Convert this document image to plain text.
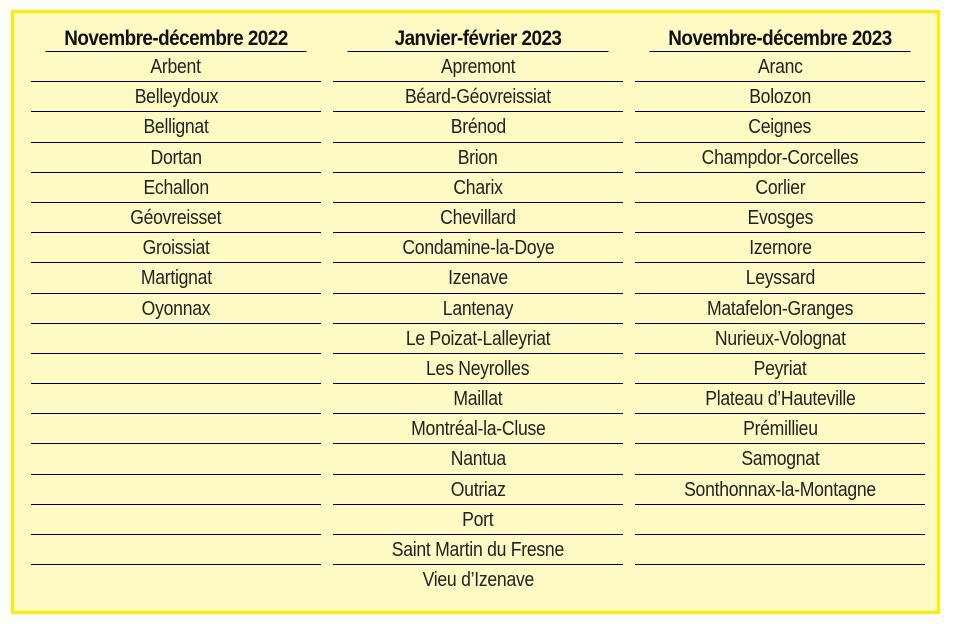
Novembre-décembre 2022
Arbent
Belleydoux
Bellignat
Dortan
Echallon
Géovreisset
Groissiat
Martignat
Oyonnax
Janvier-février 2023
Apremont
Béard-Géovreissiat
Brénod
Brion
Charix
Chevillard
Condamine-la-Doye
Izenave
Lantenay
Le Poizat-Lalleyriat
Les Neyrolles
Maillat
Montréal-la-Cluse
Nantua
Outriaz
Port
Saint Martin du Fresne
Vieu d’Izenave
Novembre-décembre 2023
Aranc
Bolozon
Ceignes
Champdor-Corcelles
Corlier
Evosges
Izernore
Leyssard
Matafelon-Granges
Nurieux-Volognat
Peyriat
Plateau d’Hauteville
Prémillieu
Samognat
Sonthonnax-la-Montagne
